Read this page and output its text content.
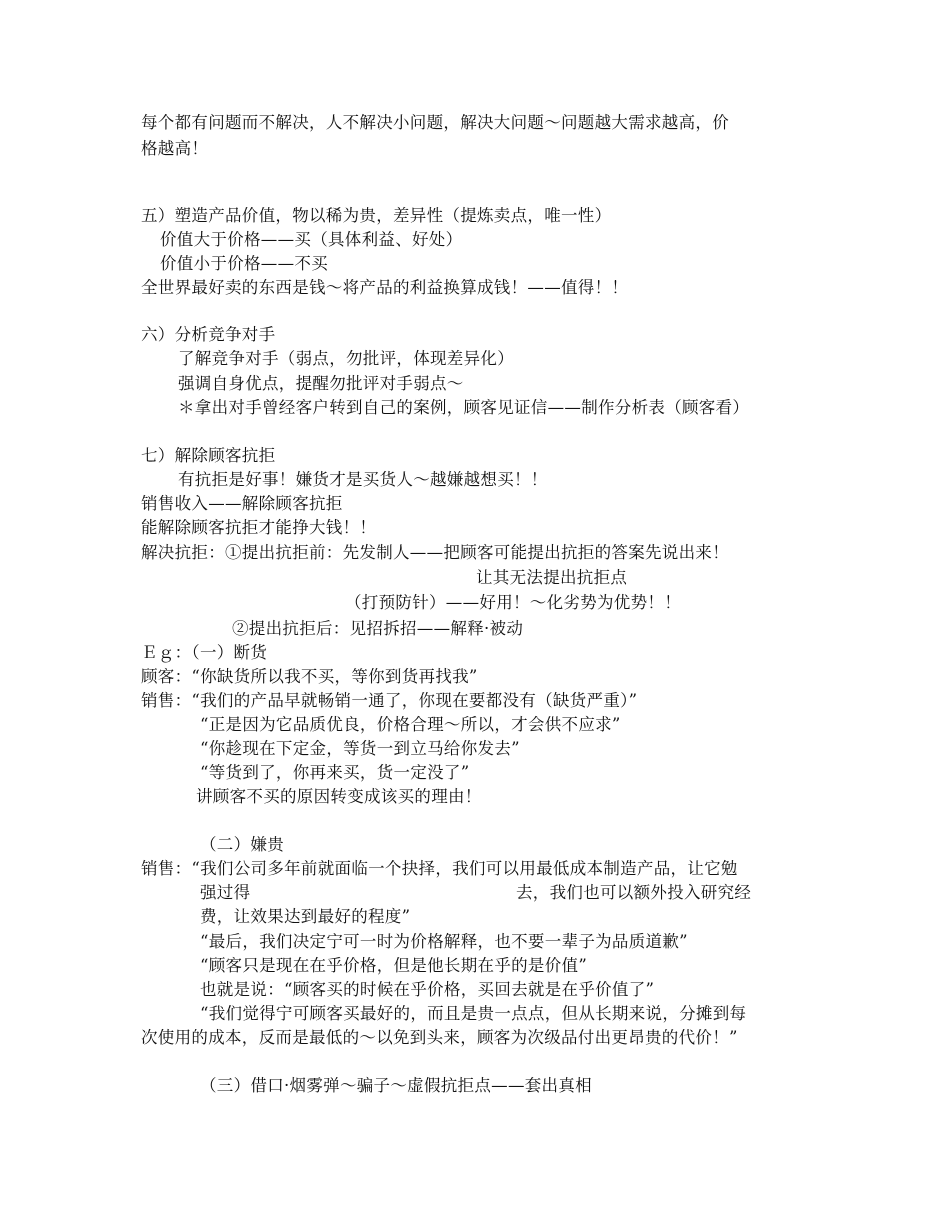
每个都有问题而不解决，人不解决小问题，解决大问题～问题越大需求越高，价
格越高！
五）塑造产品价值，物以稀为贵，差异性（提炼卖点，唯一性）
价值大于价格——买（具体利益、好处）
价值小于价格——不买
全世界最好卖的东西是钱～将产品的利益换算成钱！——值得！！
六）分析竞争对手
了解竞争对手（弱点，勿批评，体现差异化）
强调自身优点，提醒勿批评对手弱点～
＊拿出对手曾经客户转到自己的案例，顾客见证信——制作分析表（顾客看）
七）解除顾客抗拒
有抗拒是好事！嫌货才是买货人～越嫌越想买！！
销售收入——解除顾客抗拒
能解除顾客抗拒才能挣大钱！！
解决抗拒：①提出抗拒前：先发制人——把顾客可能提出抗拒的答案先说出来！
让其无法提出抗拒点
（打预防针）——好用！～化劣势为优势！！
②提出抗拒后：见招拆招——解释·被动
Ｅｇ：（一）断货
顾客：“你缺货所以我不买，等你到货再找我”
销售：“我们的产品早就畅销一通了，你现在要都没有（缺货严重）”
“正是因为它品质优良，价格合理～所以，才会供不应求”
“你趁现在下定金，等货一到立马给你发去”
“等货到了，你再来买，货一定没了”
讲顾客不买的原因转变成该买的理由！
（二）嫌贵
销售：“我们公司多年前就面临一个抉择，我们可以用最低成本制造产品，让它勉
强过得	去，我们也可以额外投入研究经
费，让效果达到最好的程度”
“最后，我们决定宁可一时为价格解释，也不要一辈子为品质道歉”
“顾客只是现在在乎价格，但是他长期在乎的是价值”
也就是说：“顾客买的时候在乎价格，买回去就是在乎价值了”
“我们觉得宁可顾客买最好的，而且是贵一点点，但从长期来说，分摊到每
次使用的成本，反而是最低的～以免到头来，顾客为次级品付出更昂贵的代价！”
（三）借口·烟雾弹～骗子～虚假抗拒点——套出真相
